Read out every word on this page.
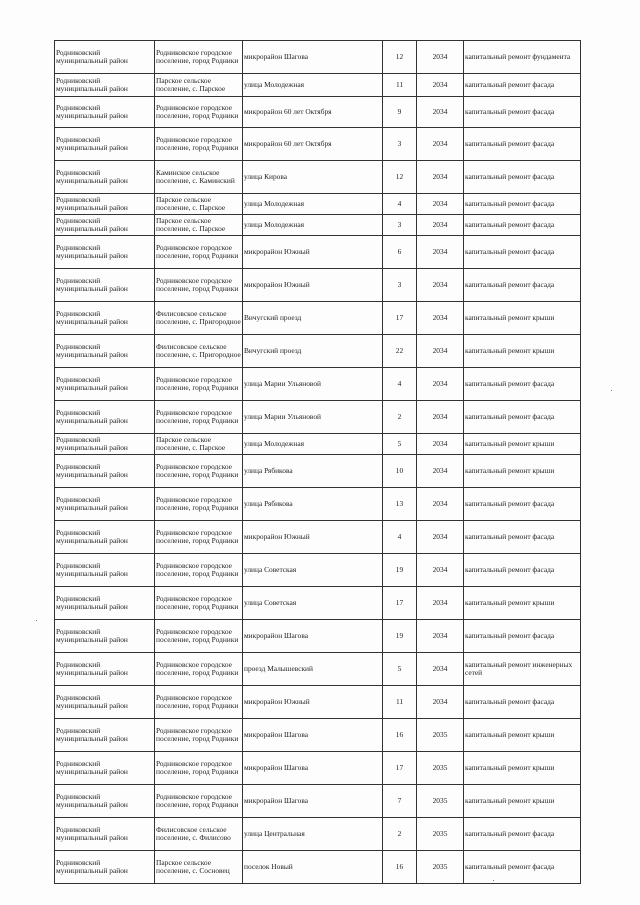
Родниковский муниципальный район	Родниковское городское поселение, город Родники	микрорайон Шагова	12	2034	капитальный ремонт фундамента
Родниковский муниципальный район	Парское сельское поселение, с. Парское	улица Молодежная	11	2034	капитальный ремонт фасада
Родниковский муниципальный район	Родниковское городское поселение, город Родники	микрорайон 60 лет Октября	9	2034	капитальный ремонт фасада
Родниковский муниципальный район	Родниковское городское поселение, город Родники	микрорайон 60 лет Октября	3	2034	капитальный ремонт фасада
Родниковский муниципальный район	Каминское сельское поселение, с. Каминский	улица Кирова	12	2034	капитальный ремонт фасада
Родниковский муниципальный район	Парское сельское поселение, с. Парское	улица Молодежная	4	2034	капитальный ремонт фасада
Родниковский муниципальный район	Парское сельское поселение, с. Парское	улица Молодежная	3	2034	капитальный ремонт фасада
Родниковский муниципальный район	Родниковское городское поселение, город Родники	микрорайон Южный	6	2034	капитальный ремонт фасада
Родниковский муниципальный район	Родниковское городское поселение, город Родники	микрорайон Южный	3	2034	капитальный ремонт фасада
Родниковский муниципальный район	Филисовское сельское поселение, с. Пригородное	Вичугский проезд	17	2034	капитальный ремонт крыши
Родниковский муниципальный район	Филисовское сельское поселение, с. Пригородное	Вичугский проезд	22	2034	капитальный ремонт крыши
Родниковский муниципальный район	Родниковское городское поселение, город Родники	улица Марии Ульяновой	4	2034	капитальный ремонт фасада
Родниковский муниципальный район	Родниковское городское поселение, город Родники	улица Марии Ульяновой	2	2034	капитальный ремонт фасада
Родниковский муниципальный район	Парское сельское поселение, с. Парское	улица Молодежная	5	2034	капитальный ремонт крыши
Родниковский муниципальный район	Родниковское городское поселение, город Родники	улица Рябикова	10	2034	капитальный ремонт крыши
Родниковский муниципальный район	Родниковское городское поселение, город Родники	улица Рябикова	13	2034	капитальный ремонт фасада
Родниковский муниципальный район	Родниковское городское поселение, город Родники	микрорайон Южный	4	2034	капитальный ремонт фасада
Родниковский муниципальный район	Родниковское городское поселение, город Родники	улица Советская	19	2034	капитальный ремонт фасада
Родниковский муниципальный район	Родниковское городское поселение, город Родники	улица Советская	17	2034	капитальный ремонт крыши
Родниковский муниципальный район	Родниковское городское поселение, город Родники	микрорайон Шагова	19	2034	капитальный ремонт фасада
Родниковский муниципальный район	Родниковское городское поселение, город Родники	проезд Малышевский	5	2034	капитальный ремонт инженерных сетей
Родниковский муниципальный район	Родниковское городское поселение, город Родники	микрорайон Южный	11	2034	капитальный ремонт фасада
Родниковский муниципальный район	Родниковское городское поселение, город Родники	микрорайон Шагова	16	2035	капитальный ремонт крыши
Родниковский муниципальный район	Родниковское городское поселение, город Родники	микрорайон Шагова	17	2035	капитальный ремонт крыши
Родниковский муниципальный район	Родниковское городское поселение, город Родники	микрорайон Шагова	7	2035	капитальный ремонт крыши
Родниковский муниципальный район	Филисовское сельское поселение, с. Филисово	улица Центральная	2	2035	капитальный ремонт фасада
Родниковский муниципальный район	Парское сельское поселение, с. Сосновец	поселок Новый	16	2035	капитальный ремонт фасада
